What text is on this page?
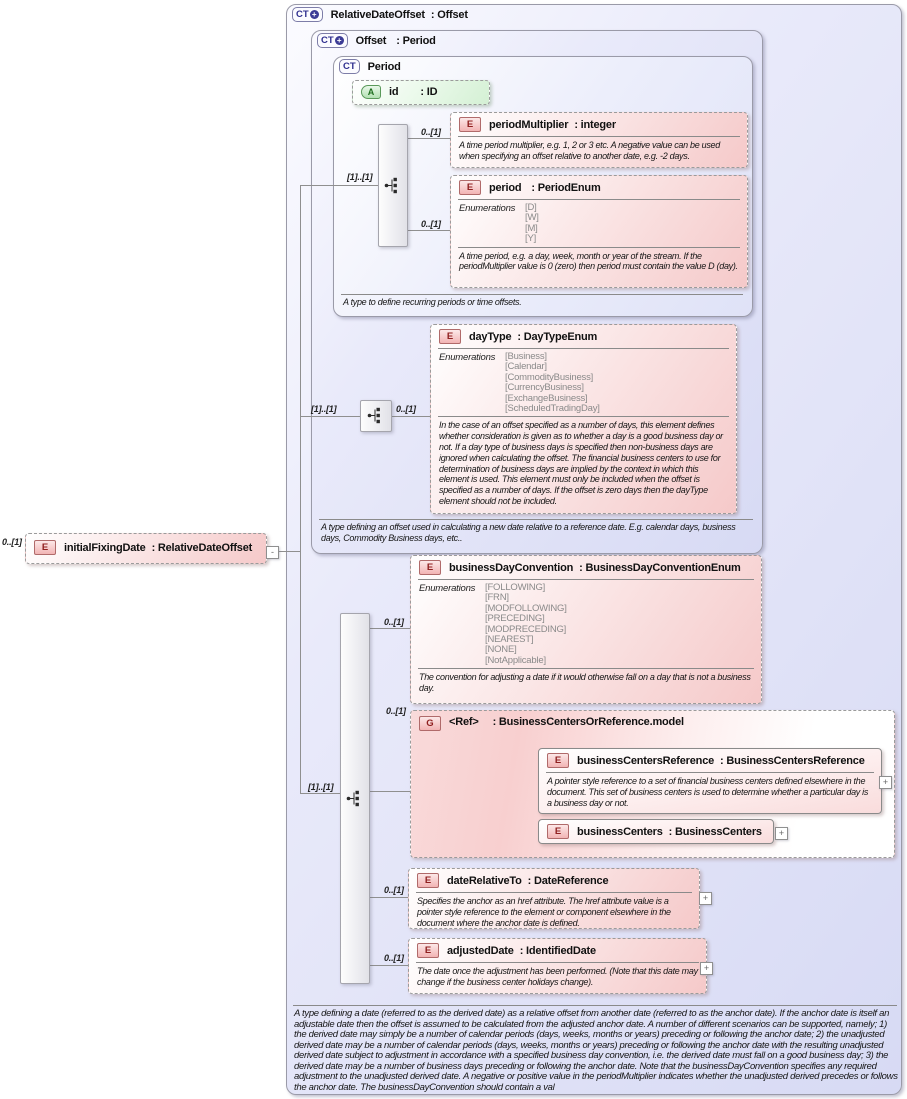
0..[1]
[1]..[1]
0..[1]
0..[1]
[1]..[1]	0..[1]
[1]..[1]
0..[1]
0..[1]
0..[1]
0..[1]
CT + RelativeDateOffset : Offset
CT + Offset : Period
CT Period
A	id : ID
E	periodMultiplier : integer
A time period multiplier, e.g. 1, 2 or 3 etc. A negative value can be used when specifying an offset relative to another date, e.g. -2 days.
E	period : PeriodEnum
Enumerations	[D]
[W]
[M]
[Y]
A time period, e.g. a day, week, month or year of the stream. If the periodMultiplier value is 0 (zero) then period must contain the value D (day).
A type to define recurring periods or time offsets.
A type defining an offset used in calculating a new date relative to a reference date. E.g. calendar days, business days, Commodity Business days, etc..
E	dayType : DayTypeEnum
Enumerations	[Business]
[Calendar]
[CommodityBusiness]
[CurrencyBusiness]
[ExchangeBusiness]
[ScheduledTradingDay]
In the case of an offset specified as a number of days, this element defines whether consideration is given as to whether a day is a good business day or not. If a day type of business days is specified then non-business days are ignored when calculating the offset. The financial business centers to use for determination of business days are implied by the context in which this element is used. This element must only be included when the offset is specified as a number of days. If the offset is zero days then the dayType element should not be included.
E	initialFixingDate : RelativeDateOffset	-
E	businessDayConvention : BusinessDayConventionEnum
Enumerations	[FOLLOWING]
[FRN]
[MODFOLLOWING]
[PRECEDING]
[MODPRECEDING]
[NEAREST]
[NONE]
[NotApplicable]
The convention for adjusting a date if it would otherwise fall on a day that is not a business day.
G	<Ref> : BusinessCentersOrReference.model
E	businessCentersReference : BusinessCentersReference
A pointer style reference to a set of financial business centers defined elsewhere in the document. This set of business centers is used to determine whether a particular day is a business day or not.
+
E	businessCenters : BusinessCenters	+
E	dateRelativeTo : DateReference
Specifies the anchor as an href attribute. The href attribute value is a pointer style reference to the element or component elsewhere in the document where the anchor date is defined.
+
E	adjustedDate : IdentifiedDate
The date once the adjustment has been performed. (Note that this date may change if the business center holidays change).
+
A type defining a date (referred to as the derived date) as a relative offset from another date (referred to as the anchor date). If the anchor date is itself an adjustable date then the offset is assumed to be calculated from the adjusted anchor date. A number of different scenarios can be supported, namely; 1) the derived date may simply be a number of calendar periods (days, weeks, months or years) preceding or following the anchor date; 2) the unadjusted derived date may be a number of calendar periods (days, weeks, months or years) preceding or following the anchor date with the resulting unadjusted derived date subject to adjustment in accordance with a specified business day convention, i.e. the derived date must fall on a good business day; 3) the derived date may be a number of business days preceding or following the anchor date. Note that the businessDayConvention specifies any required adjustment to the unadjusted derived date. A negative or positive value in the periodMultiplier indicates whether the unadjusted derived precedes or follows the anchor date. The businessDayConvention should contain a val
